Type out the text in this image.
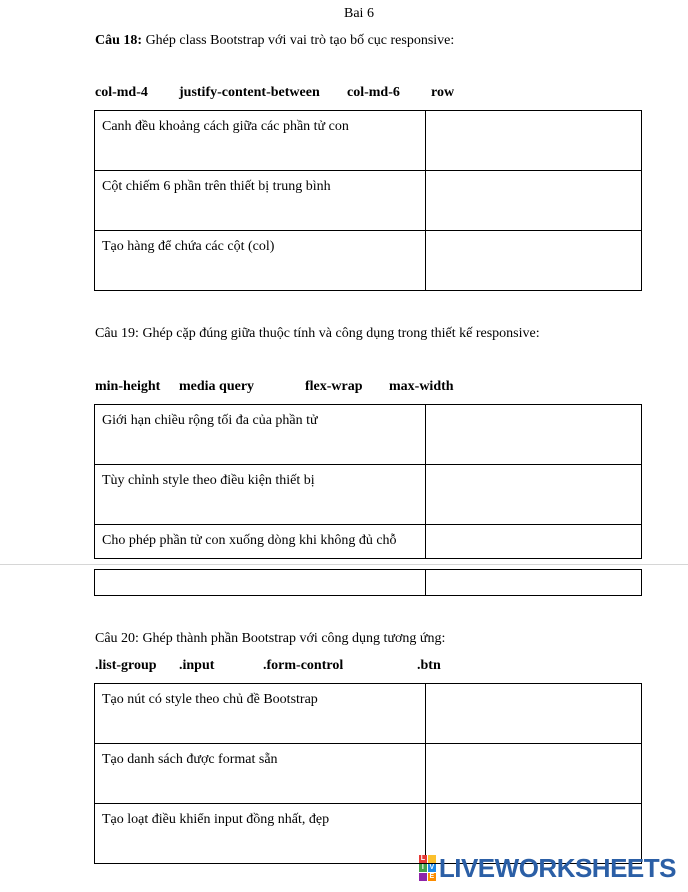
Bai 6
Câu 18: Ghép class Bootstrap với vai trò tạo bố cục responsive:
col-md-4 justify-content-between col-md-6 row
Canh đều khoảng cách giữa các phần tử con	
Cột chiếm 6 phần trên thiết bị trung bình	
Tạo hàng để chứa các cột (col)	
Câu 19: Ghép cặp đúng giữa thuộc tính và công dụng trong thiết kế responsive:
min-height media query	flex-wrap max-width
Giới hạn chiều rộng tối đa của phần tử	
Tùy chỉnh style theo điều kiện thiết bị	
Cho phép phần tử con xuống dòng khi không đủ chỗ	

Câu 20: Ghép thành phần Bootstrap với công dụng tương ứng:
.list-group .input	.form-control	.btn
Tạo nút có style theo chủ đề Bootstrap	
Tạo danh sách được format sẵn	
Tạo loạt điều khiển input đồng nhất, đẹp	
L
I V
E LIVEWORKSHEETS
